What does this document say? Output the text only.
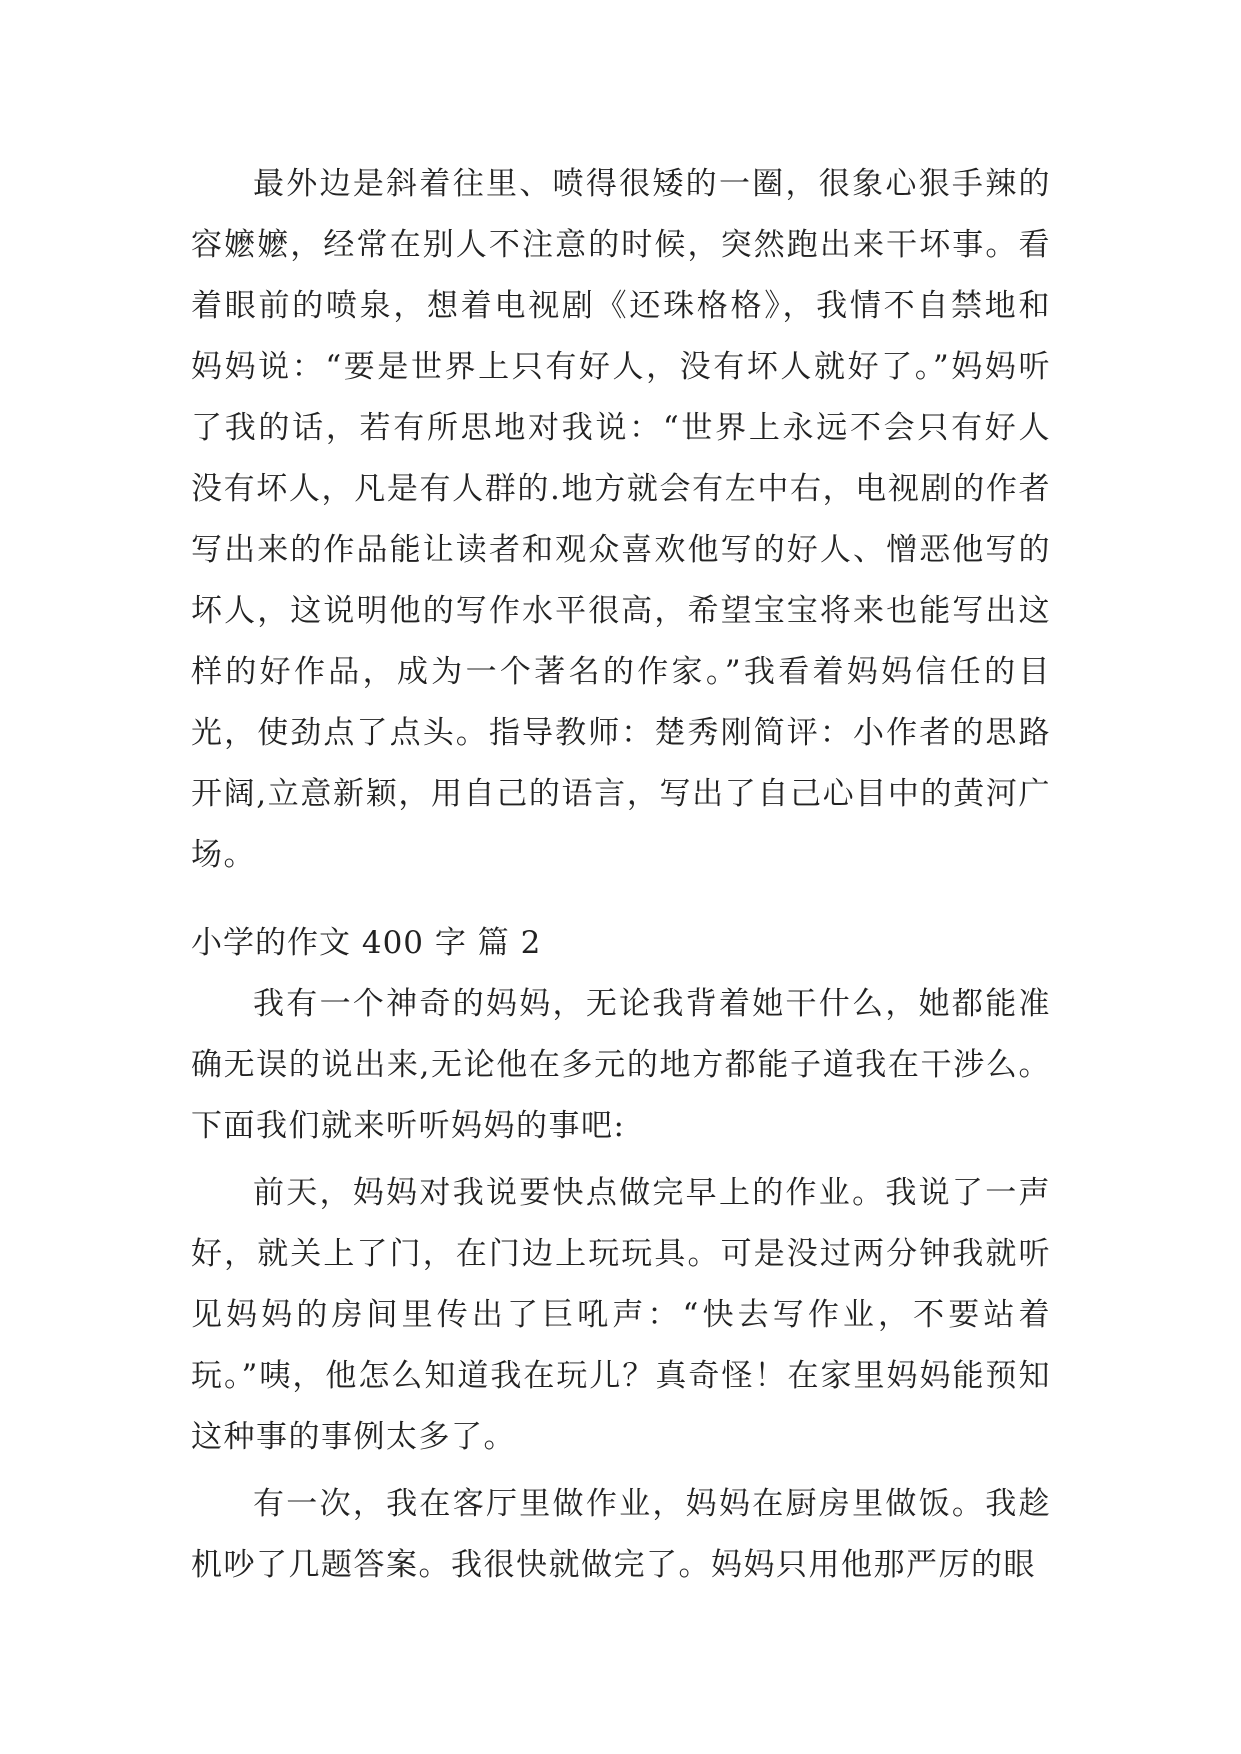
最外边是斜着往里、喷得很矮的一圈，很象心狠手辣的容嬷嬷，经常在别人不注意的时候，突然跑出来干坏事。看着眼前的喷泉，想着电视剧《还珠格格》，我情不自禁地和妈妈说：“要是世界上只有好人，没有坏人就好了。”妈妈听了我的话，若有所思地对我说：“世界上永远不会只有好人没有坏人，凡是有人群的.地方就会有左中右，电视剧的作者写出来的作品能让读者和观众喜欢他写的好人、憎恶他写的坏人，这说明他的写作水平很高，希望宝宝将来也能写出这样的好作品，成为一个著名的作家。”我看着妈妈信任的目光，使劲点了点头。指导教师：楚秀刚简评：小作者的思路开阔,立意新颖，用自己的语言，写出了自己心目中的黄河广场。

小学的作文 400 字 篇 2

我有一个神奇的妈妈，无论我背着她干什么，她都能准确无误的说出来,无论他在多元的地方都能子道我在干涉么。下面我们就来听听妈妈的事吧:

前天，妈妈对我说要快点做完早上的作业。我说了一声好，就关上了门，在门边上玩玩具。可是没过两分钟我就听见妈妈的房间里传出了巨吼声：“快去写作业，不要站着玩。”咦，他怎么知道我在玩儿？真奇怪！在家里妈妈能预知这种事的事例太多了。

有一次，我在客厅里做作业，妈妈在厨房里做饭。我趁机吵了几题答案。我很快就做完了。妈妈只用他那严厉的眼
